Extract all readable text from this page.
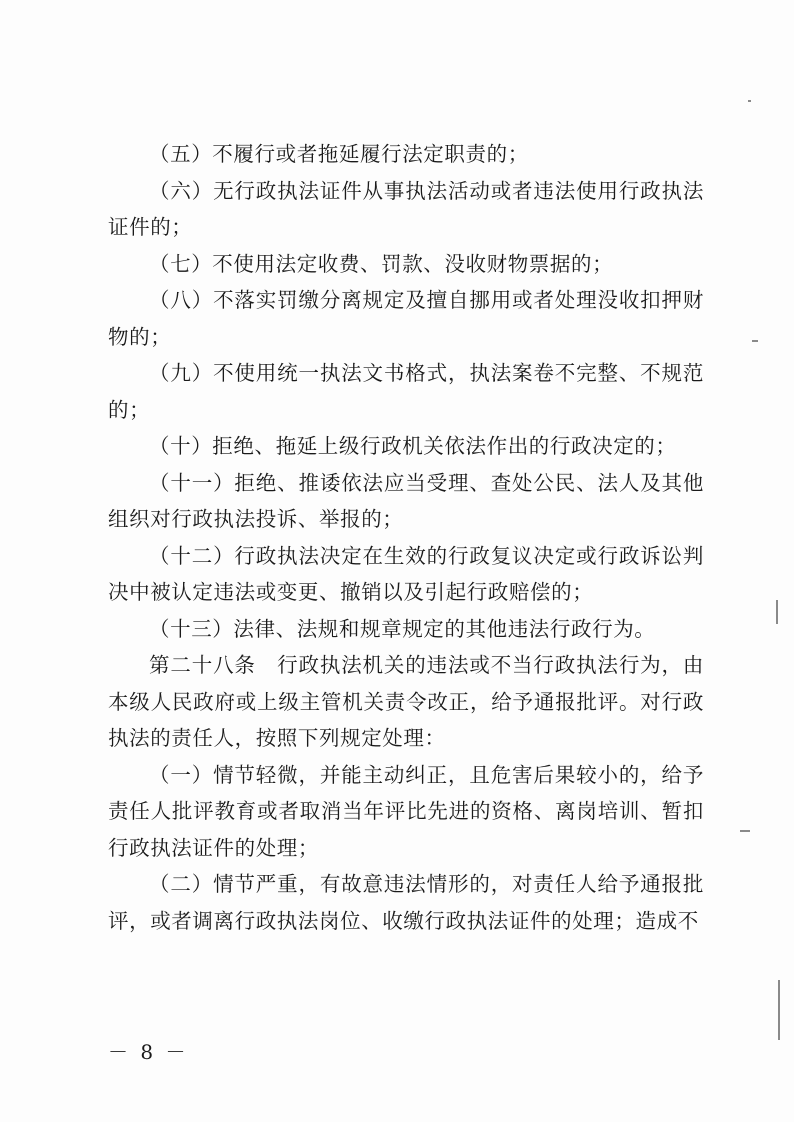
（五）不履行或者拖延履行法定职责的；

（六）无行政执法证件从事执法活动或者违法使用行政执法证件的；

（七）不使用法定收费、罚款、没收财物票据的；

（八）不落实罚缴分离规定及擅自挪用或者处理没收扣押财物的；

（九）不使用统一执法文书格式，执法案卷不完整、不规范的；

（十）拒绝、拖延上级行政机关依法作出的行政决定的；

（十一）拒绝、推诿依法应当受理、查处公民、法人及其他组织对行政执法投诉、举报的；

（十二）行政执法决定在生效的行政复议决定或行政诉讼判决中被认定违法或变更、撤销以及引起行政赔偿的；

（十三）法律、法规和规章规定的其他违法行政行为。

第二十八条　行政执法机关的违法或不当行政执法行为，由本级人民政府或上级主管机关责令改正，给予通报批评。对行政执法的责任人，按照下列规定处理：

（一）情节轻微，并能主动纠正，且危害后果较小的，给予责任人批评教育或者取消当年评比先进的资格、离岗培训、暂扣行政执法证件的处理；

（二）情节严重，有故意违法情形的，对责任人给予通报批评，或者调离行政执法岗位、收缴行政执法证件的处理；造成不

－ 8 －
